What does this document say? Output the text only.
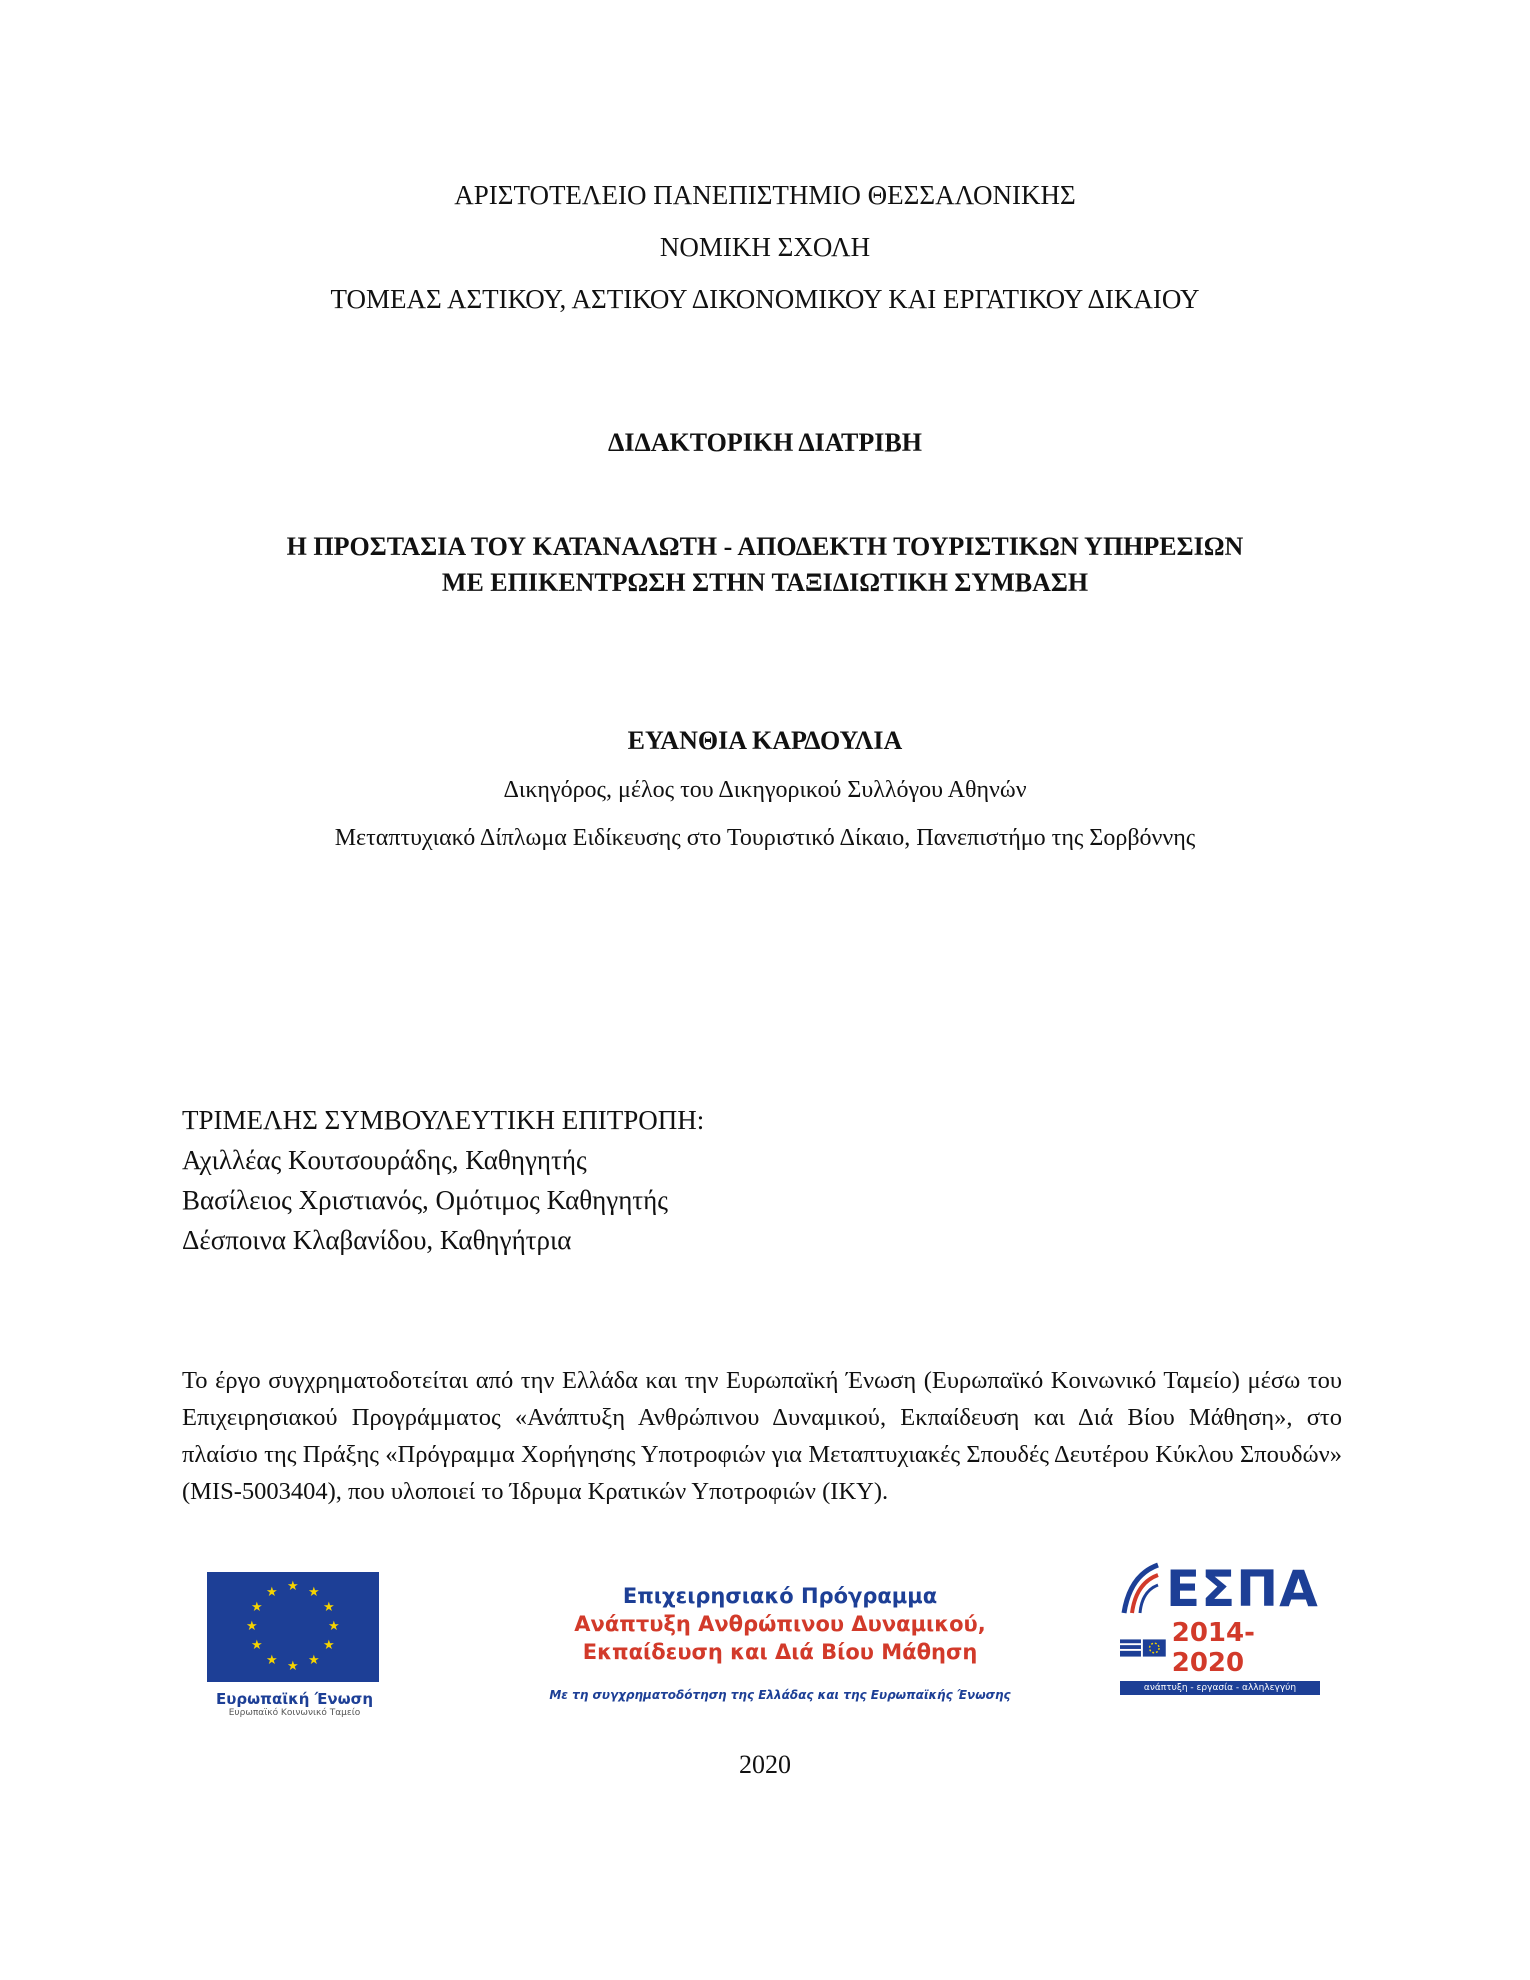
ΑΡΙΣΤΟΤΕΛΕΙΟ ΠΑΝΕΠΙΣΤΗΜΙΟ ΘΕΣΣΑΛΟΝΙΚΗΣ
ΝΟΜΙΚΗ ΣΧΟΛΗ
ΤΟΜΕΑΣ ΑΣΤΙΚΟΥ, ΑΣΤΙΚΟΥ ΔΙΚΟΝΟΜΙΚΟΥ ΚΑΙ ΕΡΓΑΤΙΚΟΥ ΔΙΚΑΙΟΥ
ΔΙΔΑΚΤΟΡΙΚΗ ΔΙΑΤΡΙΒΗ
Η ΠΡΟΣΤΑΣΙΑ ΤΟΥ ΚΑΤΑΝΑΛΩΤΗ - ΑΠΟΔΕΚΤΗ ΤΟΥΡΙΣΤΙΚΩΝ ΥΠΗΡΕΣΙΩΝ
ΜΕ ΕΠΙΚΕΝΤΡΩΣΗ ΣΤΗΝ ΤΑΞΙΔΙΩΤΙΚΗ ΣΥΜΒΑΣΗ
ΕΥΑΝΘΙΑ ΚΑΡΔΟΥΛΙΑ
Δικηγόρος, μέλος του Δικηγορικού Συλλόγου Αθηνών
Μεταπτυχιακό Δίπλωμα Ειδίκευσης στο Τουριστικό Δίκαιο, Πανεπιστήμο της Σορβόννης
ΤΡΙΜΕΛΗΣ ΣΥΜΒΟΥΛΕΥΤΙΚΗ ΕΠΙΤΡΟΠΗ:
Αχιλλέας Κουτσουράδης, Καθηγητής
Βασίλειος Χριστιανός, Ομότιμος Καθηγητής
Δέσποινα Κλαβανίδου, Καθηγήτρια
Το έργο συγχρηματοδοτείται από την Ελλάδα και την Ευρωπαϊκή Ένωση (Ευρωπαϊκό Κοινωνικό Ταμείο) μέσω του Επιχειρησιακού Προγράμματος «Ανάπτυξη Ανθρώπινου Δυναμικού, Εκπαίδευση και Διά Βίου Μάθηση», στο πλαίσιο της Πράξης «Πρόγραμμα Χορήγησης Υποτροφιών για Μεταπτυχιακές Σπουδές Δευτέρου Κύκλου Σπουδών» (MIS-5003404), που υλοποιεί το Ίδρυμα Κρατικών Υποτροφιών (ΙΚΥ).
★ ★
★
★
★
★
★
★
★
★
★
★
Ευρωπαϊκή Ένωση
Ευρωπαϊκό Κοινωνικό Ταμείο
Επιχειρησιακό Πρόγραμμα
Ανάπτυξη Ανθρώπινου Δυναμικού,
Εκπαίδευση και Διά Βίου Μάθηση
Με τη συγχρηματοδότηση της Ελλάδας και της Ευρωπαϊκής Ένωσης
ΕΣΠΑ
2014-2020
ανάπτυξη - εργασία - αλληλεγγύη
2020
